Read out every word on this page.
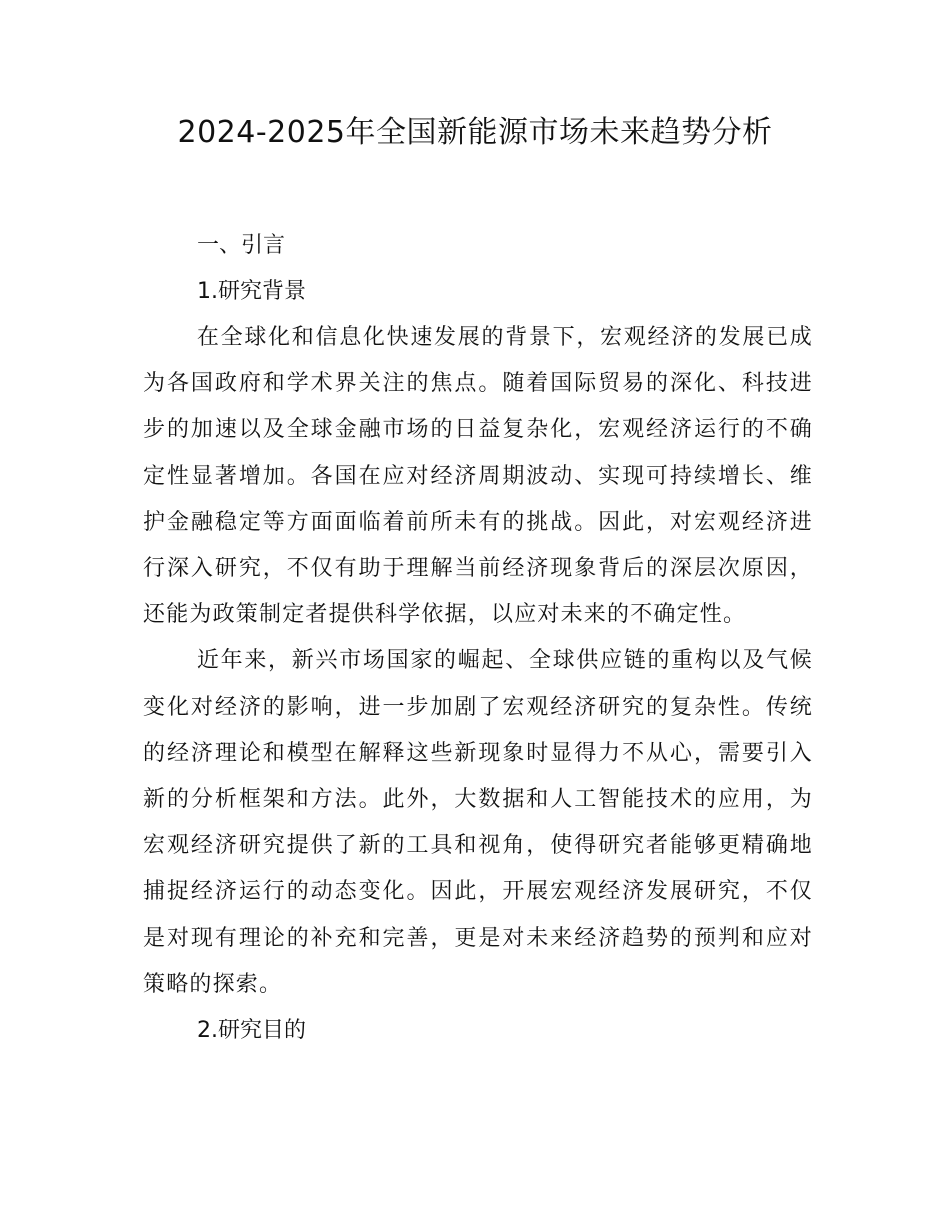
2024-2025年全国新能源市场未来趋势分析

一、引言

1.研究背景

在全球化和信息化快速发展的背景下，宏观经济的发展已成为各国政府和学术界关注的焦点。随着国际贸易的深化、科技进步的加速以及全球金融市场的日益复杂化，宏观经济运行的不确定性显著增加。各国在应对经济周期波动、实现可持续增长、维护金融稳定等方面面临着前所未有的挑战。因此，对宏观经济进行深入研究，不仅有助于理解当前经济现象背后的深层次原因，还能为政策制定者提供科学依据，以应对未来的不确定性。

近年来，新兴市场国家的崛起、全球供应链的重构以及气候变化对经济的影响，进一步加剧了宏观经济研究的复杂性。传统的经济理论和模型在解释这些新现象时显得力不从心，需要引入新的分析框架和方法。此外，大数据和人工智能技术的应用，为宏观经济研究提供了新的工具和视角，使得研究者能够更精确地捕捉经济运行的动态变化。因此，开展宏观经济发展研究，不仅是对现有理论的补充和完善，更是对未来经济趋势的预判和应对策略的探索。

2.研究目的
